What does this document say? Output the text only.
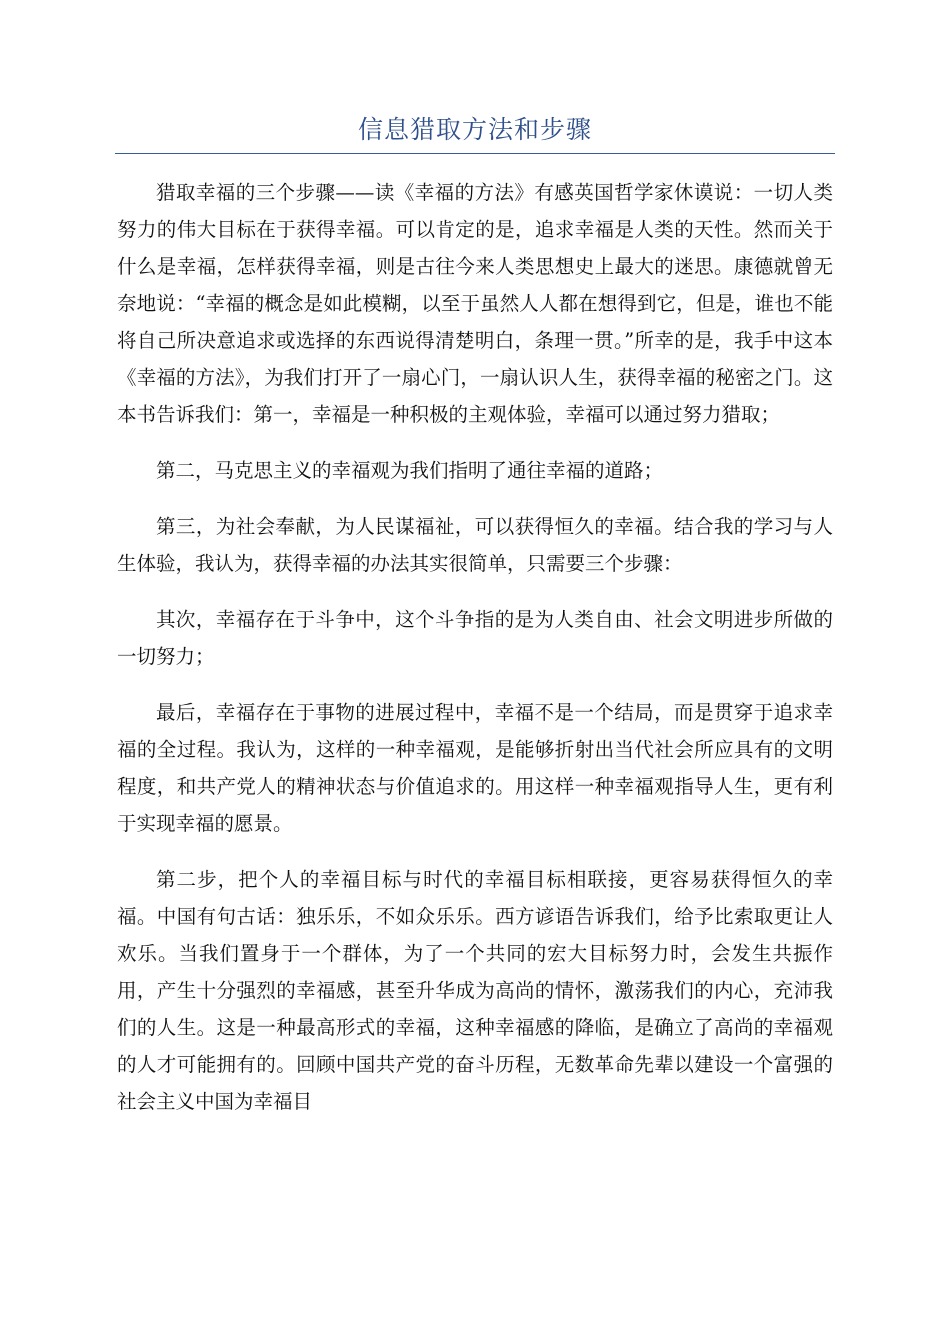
信息猎取方法和步骤

猎取幸福的三个步骤——读《幸福的方法》有感英国哲学家休谟说：一切人类努力的伟大目标在于获得幸福。可以肯定的是，追求幸福是人类的天性。然而关于什么是幸福，怎样获得幸福，则是古往今来人类思想史上最大的迷思。康德就曾无奈地说：“幸福的概念是如此模糊，以至于虽然人人都在想得到它，但是，谁也不能将自己所决意追求或选择的东西说得清楚明白，条理一贯。”所幸的是，我手中这本《幸福的方法》，为我们打开了一扇心门，一扇认识人生，获得幸福的秘密之门。这本书告诉我们：第一，幸福是一种积极的主观体验，幸福可以通过努力猎取；

第二，马克思主义的幸福观为我们指明了通往幸福的道路；

第三，为社会奉献，为人民谋福祉，可以获得恒久的幸福。结合我的学习与人生体验，我认为，获得幸福的办法其实很简单，只需要三个步骤：

其次，幸福存在于斗争中，这个斗争指的是为人类自由、社会文明进步所做的一切努力；

最后，幸福存在于事物的进展过程中，幸福不是一个结局，而是贯穿于追求幸福的全过程。我认为，这样的一种幸福观，是能够折射出当代社会所应具有的文明程度，和共产党人的精神状态与价值追求的。用这样一种幸福观指导人生，更有利于实现幸福的愿景。

第二步，把个人的幸福目标与时代的幸福目标相联接，更容易获得恒久的幸福。中国有句古话：独乐乐，不如众乐乐。西方谚语告诉我们，给予比索取更让人欢乐。当我们置身于一个群体，为了一个共同的宏大目标努力时，会发生共振作用，产生十分强烈的幸福感，甚至升华成为高尚的情怀，激荡我们的内心，充沛我们的人生。这是一种最高形式的幸福，这种幸福感的降临，是确立了高尚的幸福观的人才可能拥有的。回顾中国共产党的奋斗历程，无数革命先辈以建设一个富强的社会主义中国为幸福目
